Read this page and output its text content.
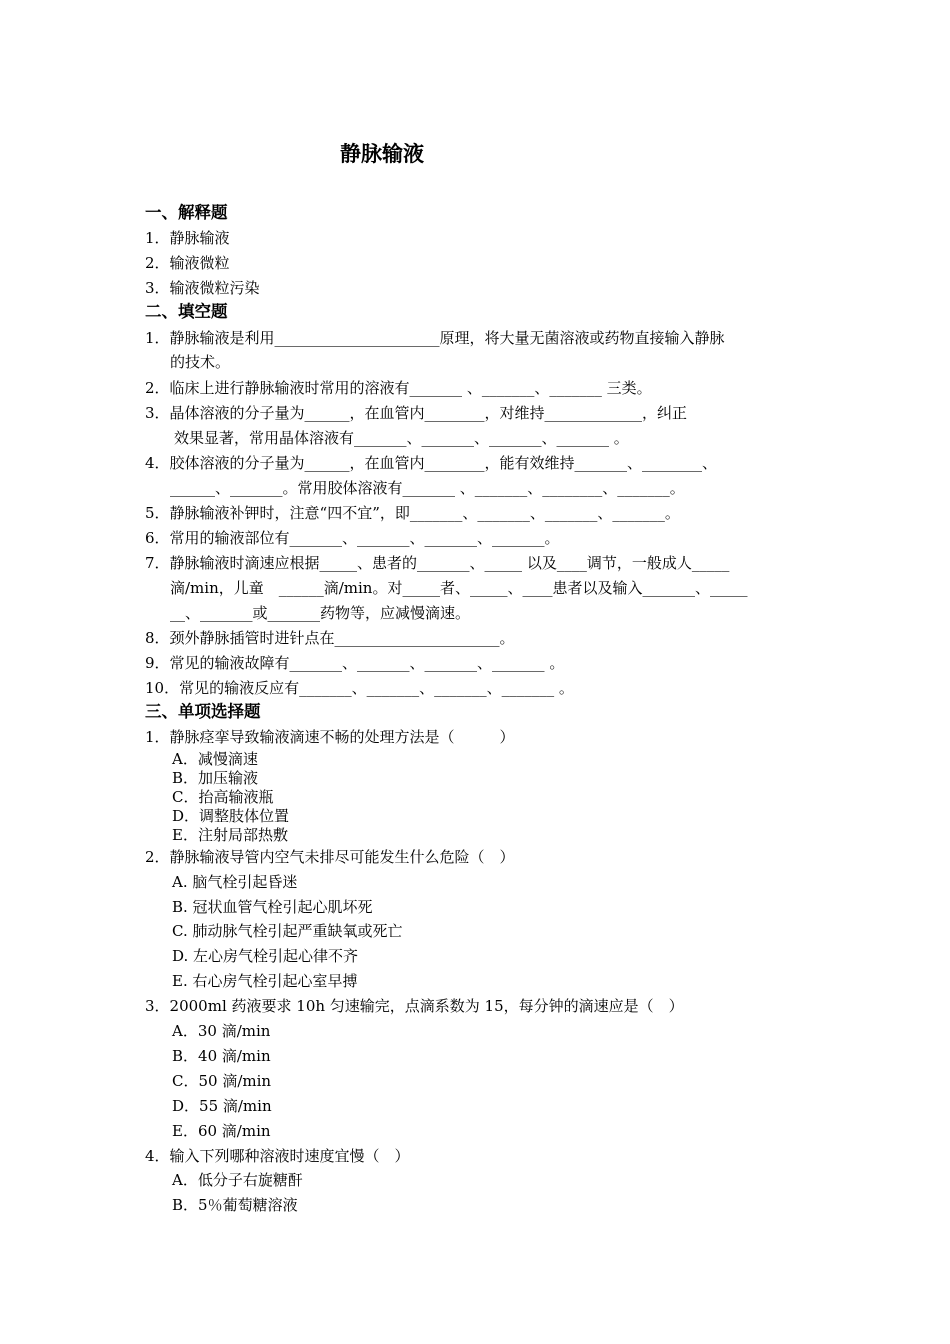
静脉输液
一、解释题
1．静脉输液
2．输液微粒
3．输液微粒污染
二、填空题
1．静脉输液是利用______________________原理，将大量无菌溶液或药物直接输入静脉
的技术。
2．临床上进行静脉输液时常用的溶液有_______ 、_______、_______ 三类。
3．晶体溶液的分子量为______，在血管内________，对维持_____________，纠正
效果显著，常用晶体溶液有_______、_______、_______、_______ 。
4．胶体溶液的分子量为______，在血管内________，能有效维持_______、________、
______、_______。常用胶体溶液有_______ 、_______、________、_______。
5．静脉输液补钾时，注意“四不宜”，即_______、_______、_______、_______。
6．常用的输液部位有_______、_______、_______、_______。
7．静脉输液时滴速应根据_____、患者的_______、_____ 以及____调节，一般成人_____
滴/min，儿童　______滴/min。对_____者、_____、____患者以及输入_______、_____
__、_______或_______药物等，应减慢滴速。
8．颈外静脉插管时进针点在______________________。
9．常见的输液故障有_______、_______、_______、_______ 。
10．常见的输液反应有_______、_______、_______、_______ 。
三、单项选择题
1．静脉痉挛导致输液滴速不畅的处理方法是（　　　）
A．减慢滴速
B．加压输液
C．抬高输液瓶
D．调整肢体位置
E．注射局部热敷
2．静脉输液导管内空气未排尽可能发生什么危险（　）
A. 脑气栓引起昏迷
B. 冠状血管气栓引起心肌坏死
C. 肺动脉气栓引起严重缺氧或死亡
D. 左心房气栓引起心律不齐
E. 右心房气栓引起心室早搏
3．2000ml 药液要求 10h 匀速输完，点滴系数为 15，每分钟的滴速应是（　）
A．30 滴/min
B．40 滴/min
C．50 滴/min
D．55 滴/min
E．60 滴/min
4．输入下列哪种溶液时速度宜慢（　）
A．低分子右旋糖酐
B．5％葡萄糖溶液
